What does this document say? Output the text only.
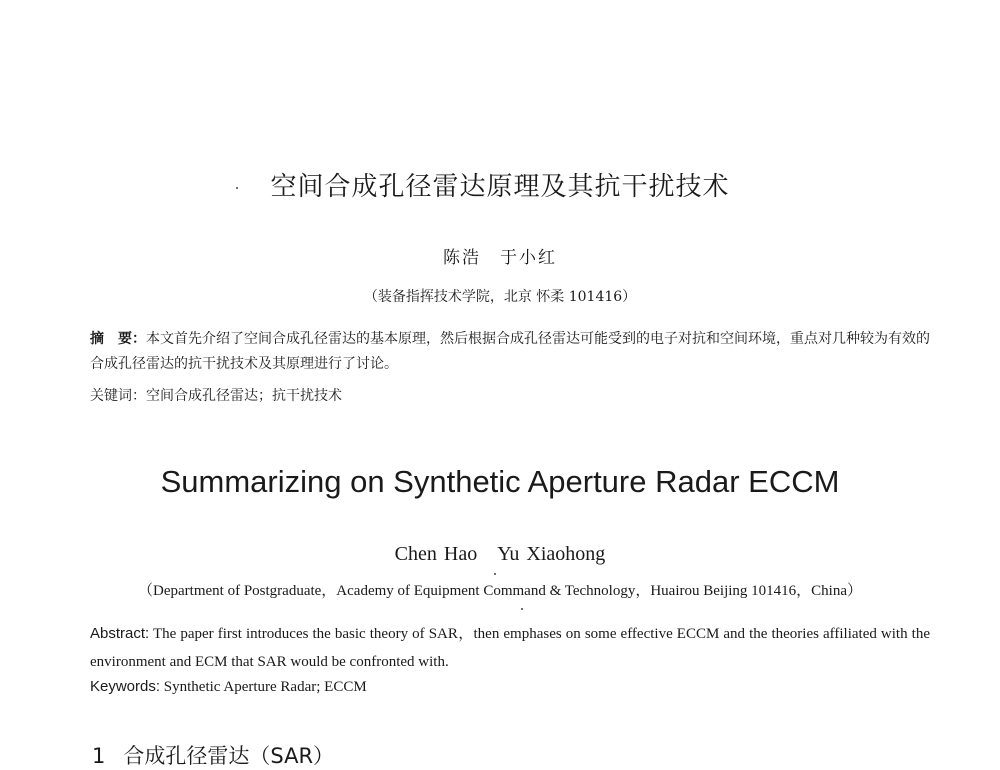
空间合成孔径雷达原理及其抗干扰技术
陈浩　于小红
（装备指挥技术学院，北京 怀柔 101416）
摘　要：本文首先介绍了空间合成孔径雷达的基本原理，然后根据合成孔径雷达可能受到的电子对抗和空间环境，重点对几种较为有效的合成孔径雷达的抗干扰技术及其原理进行了讨论。
关键词：空间合成孔径雷达；抗干扰技术
Summarizing on Synthetic Aperture Radar ECCM
Chen Hao　Yu Xiaohong
（Department of Postgraduate，Academy of Equipment Command & Technology，Huairou Beijing 101416，China）
Abstract: The paper first introduces the basic theory of SAR，then emphases on some effective ECCM and the theories affiliated with the environment and ECM that SAR would be confronted with.
Keywords: Synthetic Aperture Radar; ECCM
1 合成孔径雷达（SAR）
